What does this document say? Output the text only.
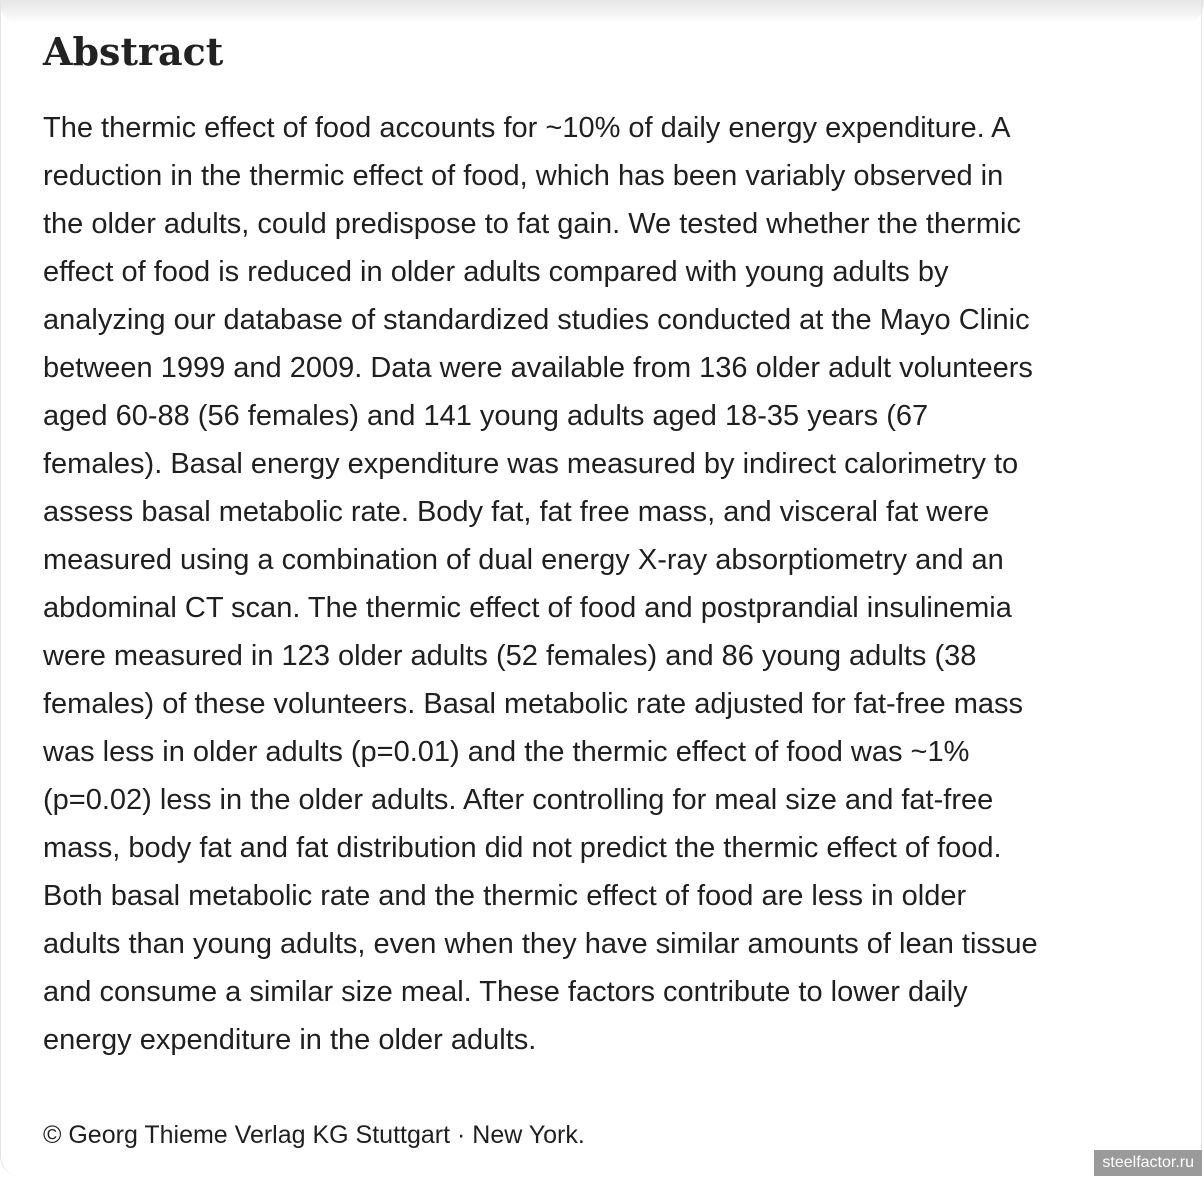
Abstract

The thermic effect of food accounts for ~10% of daily energy expenditure. A
reduction in the thermic effect of food, which has been variably observed in
the older adults, could predispose to fat gain. We tested whether the thermic
effect of food is reduced in older adults compared with young adults by
analyzing our database of standardized studies conducted at the Mayo Clinic
between 1999 and 2009. Data were available from 136 older adult volunteers
aged 60-88 (56 females) and 141 young adults aged 18-35 years (67
females). Basal energy expenditure was measured by indirect calorimetry to
assess basal metabolic rate. Body fat, fat free mass, and visceral fat were
measured using a combination of dual energy X-ray absorptiometry and an
abdominal CT scan. The thermic effect of food and postprandial insulinemia
were measured in 123 older adults (52 females) and 86 young adults (38
females) of these volunteers. Basal metabolic rate adjusted for fat-free mass
was less in older adults (p=0.01) and the thermic effect of food was ~1%
(p=0.02) less in the older adults. After controlling for meal size and fat-free
mass, body fat and fat distribution did not predict the thermic effect of food.
Both basal metabolic rate and the thermic effect of food are less in older
adults than young adults, even when they have similar amounts of lean tissue
and consume a similar size meal. These factors contribute to lower daily
energy expenditure in the older adults.

© Georg Thieme Verlag KG Stuttgart · New York.

steelfactor.ru
